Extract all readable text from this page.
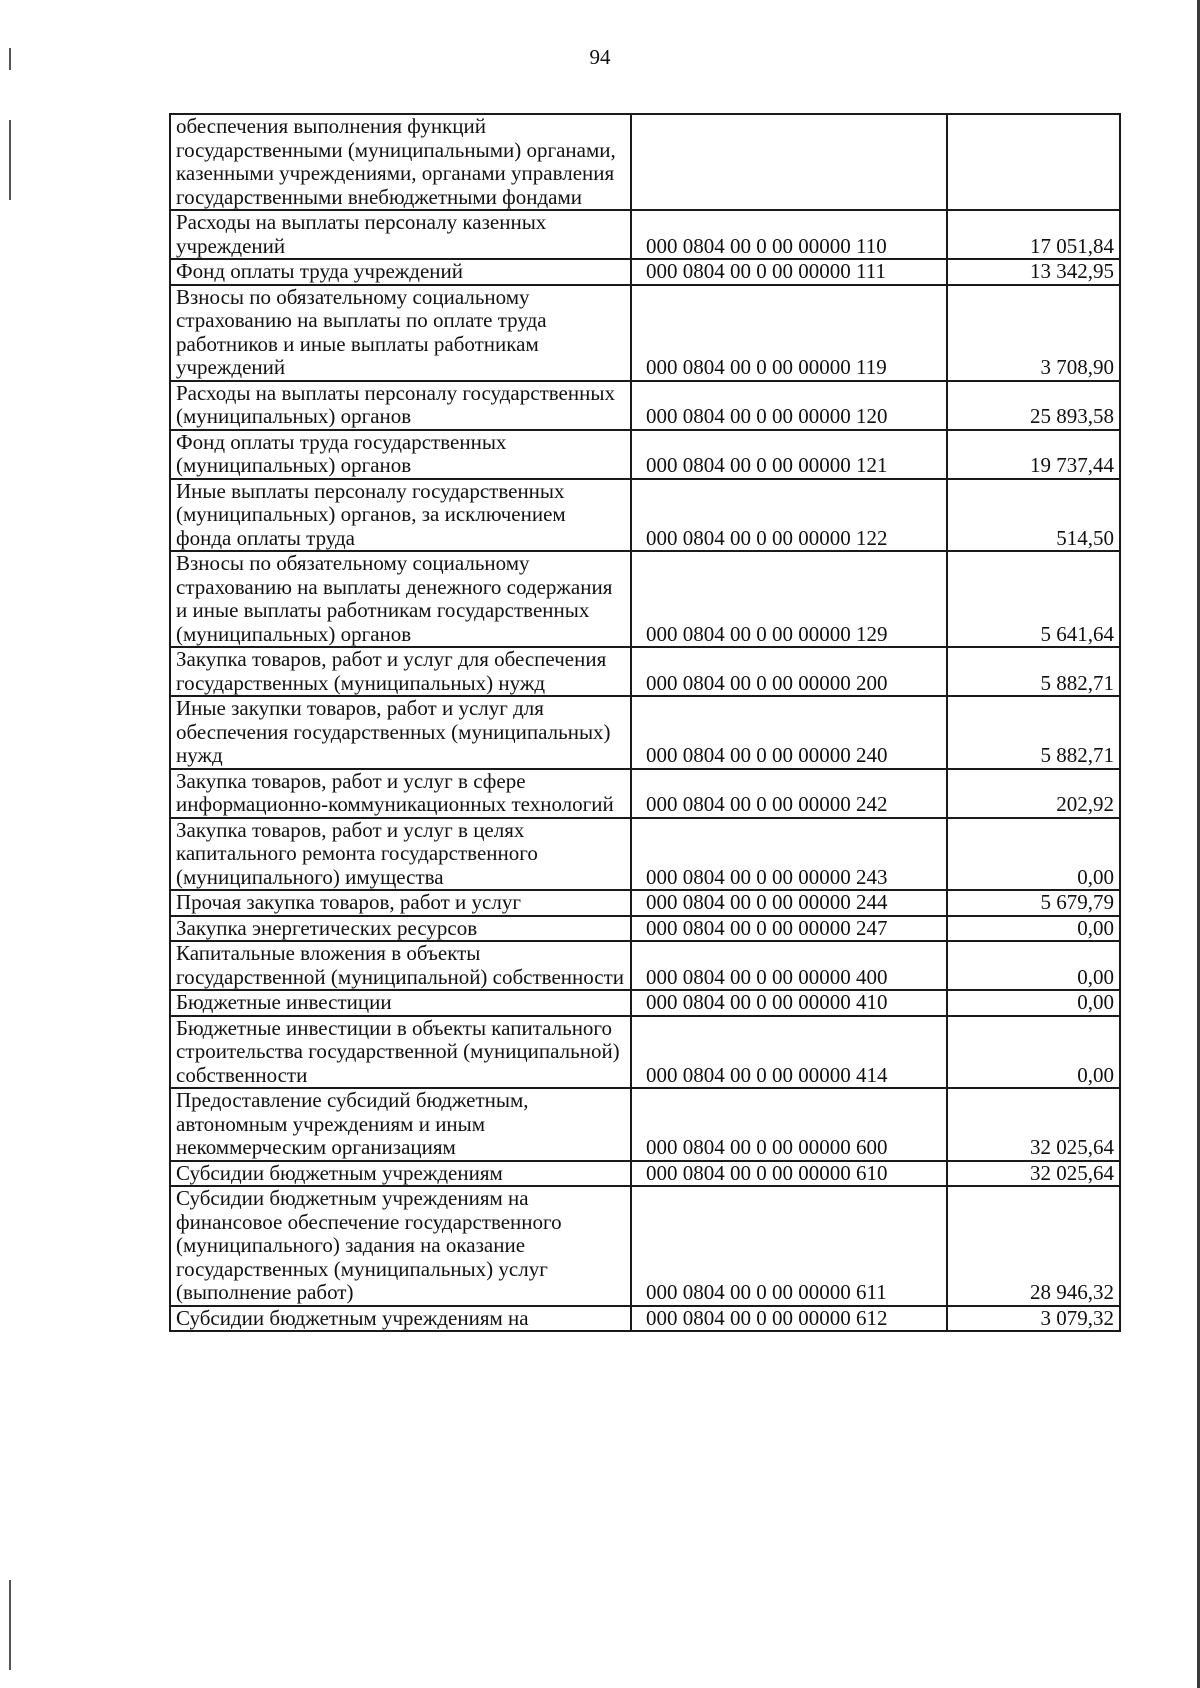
94
обеспечения выполнения функций государственными (муниципальными) органами, казенными учреждениями, органами управления государственными внебюджетными фондами		
Расходы на выплаты персоналу казенных учреждений	000 0804 00 0 00 00000 110	17 051,84
Фонд оплаты труда учреждений	000 0804 00 0 00 00000 111	13 342,95
Взносы по обязательному социальному страхованию на выплаты по оплате труда работников и иные выплаты работникам учреждений	000 0804 00 0 00 00000 119	3 708,90
Расходы на выплаты персоналу государственных (муниципальных) органов	000 0804 00 0 00 00000 120	25 893,58
Фонд оплаты труда государственных (муниципальных) органов	000 0804 00 0 00 00000 121	19 737,44
Иные выплаты персоналу государственных (муниципальных) органов, за исключением фонда оплаты труда	000 0804 00 0 00 00000 122	514,50
Взносы по обязательному социальному страхованию на выплаты денежного содержания и иные выплаты работникам государственных (муниципальных) органов	000 0804 00 0 00 00000 129	5 641,64
Закупка товаров, работ и услуг для обеспечения государственных (муниципальных) нужд	000 0804 00 0 00 00000 200	5 882,71
Иные закупки товаров, работ и услуг для обеспечения государственных (муниципальных) нужд	000 0804 00 0 00 00000 240	5 882,71
Закупка товаров, работ и услуг в сфере информационно-коммуникационных технологий	000 0804 00 0 00 00000 242	202,92
Закупка товаров, работ и услуг в целях капитального ремонта государственного (муниципального) имущества	000 0804 00 0 00 00000 243	0,00
Прочая закупка товаров, работ и услуг	000 0804 00 0 00 00000 244	5 679,79
Закупка энергетических ресурсов	000 0804 00 0 00 00000 247	0,00
Капитальные вложения в объекты государственной (муниципальной) собственности	000 0804 00 0 00 00000 400	0,00
Бюджетные инвестиции	000 0804 00 0 00 00000 410	0,00
Бюджетные инвестиции в объекты капитального строительства государственной (муниципальной) собственности	000 0804 00 0 00 00000 414	0,00
Предоставление субсидий бюджетным, автономным учреждениям и иным некоммерческим организациям	000 0804 00 0 00 00000 600	32 025,64
Субсидии бюджетным учреждениям	000 0804 00 0 00 00000 610	32 025,64
Субсидии бюджетным учреждениям на финансовое обеспечение государственного (муниципального) задания на оказание государственных (муниципальных) услуг (выполнение работ)	000 0804 00 0 00 00000 611	28 946,32
Субсидии бюджетным учреждениям на	000 0804 00 0 00 00000 612	3 079,32
